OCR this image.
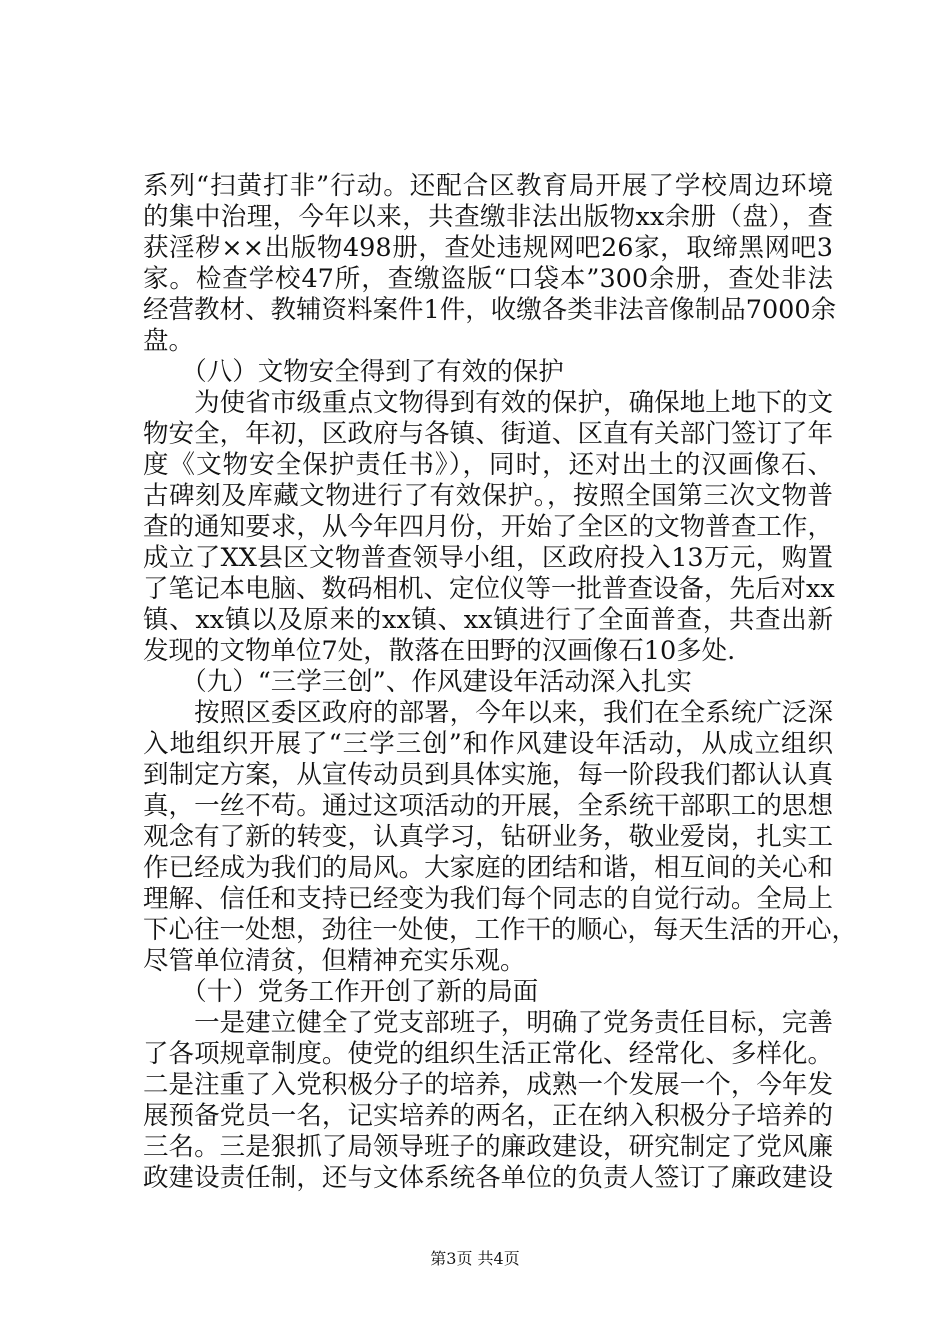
系列“扫黄打非”行动。还配合区教育局开展了学校周边环境
的集中治理，今年以来，共查缴非法出版物xx余册（盘），查
获淫秽××出版物498册，查处违规网吧26家，取缔黑网吧3
家。检查学校47所，查缴盗版“口袋本”300余册，查处非法
经营教材、教辅资料案件1件，收缴各类非法音像制品7000余
盘。
　　（八）文物安全得到了有效的保护
　　为使省市级重点文物得到有效的保护，确保地上地下的文
物安全，年初，区政府与各镇、街道、区直有关部门签订了年
度《文物安全保护责任书》），同时，还对出土的汉画像石、
古碑刻及库藏文物进行了有效保护。，按照全国第三次文物普
查的通知要求，从今年四月份，开始了全区的文物普查工作，
成立了XX县区文物普查领导小组，区政府投入13万元，购置
了笔记本电脑、数码相机、定位仪等一批普查设备，先后对xx
镇、xx镇以及原来的xx镇、xx镇进行了全面普查，共查出新
发现的文物单位7处，散落在田野的汉画像石10多处.
　　（九）“三学三创”、作风建设年活动深入扎实
　　按照区委区政府的部署，今年以来，我们在全系统广泛深
入地组织开展了“三学三创”和作风建设年活动，从成立组织
到制定方案，从宣传动员到具体实施，每一阶段我们都认认真
真，一丝不苟。通过这项活动的开展，全系统干部职工的思想
观念有了新的转变，认真学习，钻研业务，敬业爱岗，扎实工
作已经成为我们的局风。大家庭的团结和谐，相互间的关心和
理解、信任和支持已经变为我们每个同志的自觉行动。全局上
下心往一处想，劲往一处使，工作干的顺心，每天生活的开心，
尽管单位清贫，但精神充实乐观。
　　（十）党务工作开创了新的局面
　　一是建立健全了党支部班子，明确了党务责任目标，完善
了各项规章制度。使党的组织生活正常化、经常化、多样化。
二是注重了入党积极分子的培养，成熟一个发展一个，今年发
展预备党员一名，记实培养的两名，正在纳入积极分子培养的
三名。三是狠抓了局领导班子的廉政建设，研究制定了党风廉
政建设责任制，还与文体系统各单位的负责人签订了廉政建设
第3页 共4页
